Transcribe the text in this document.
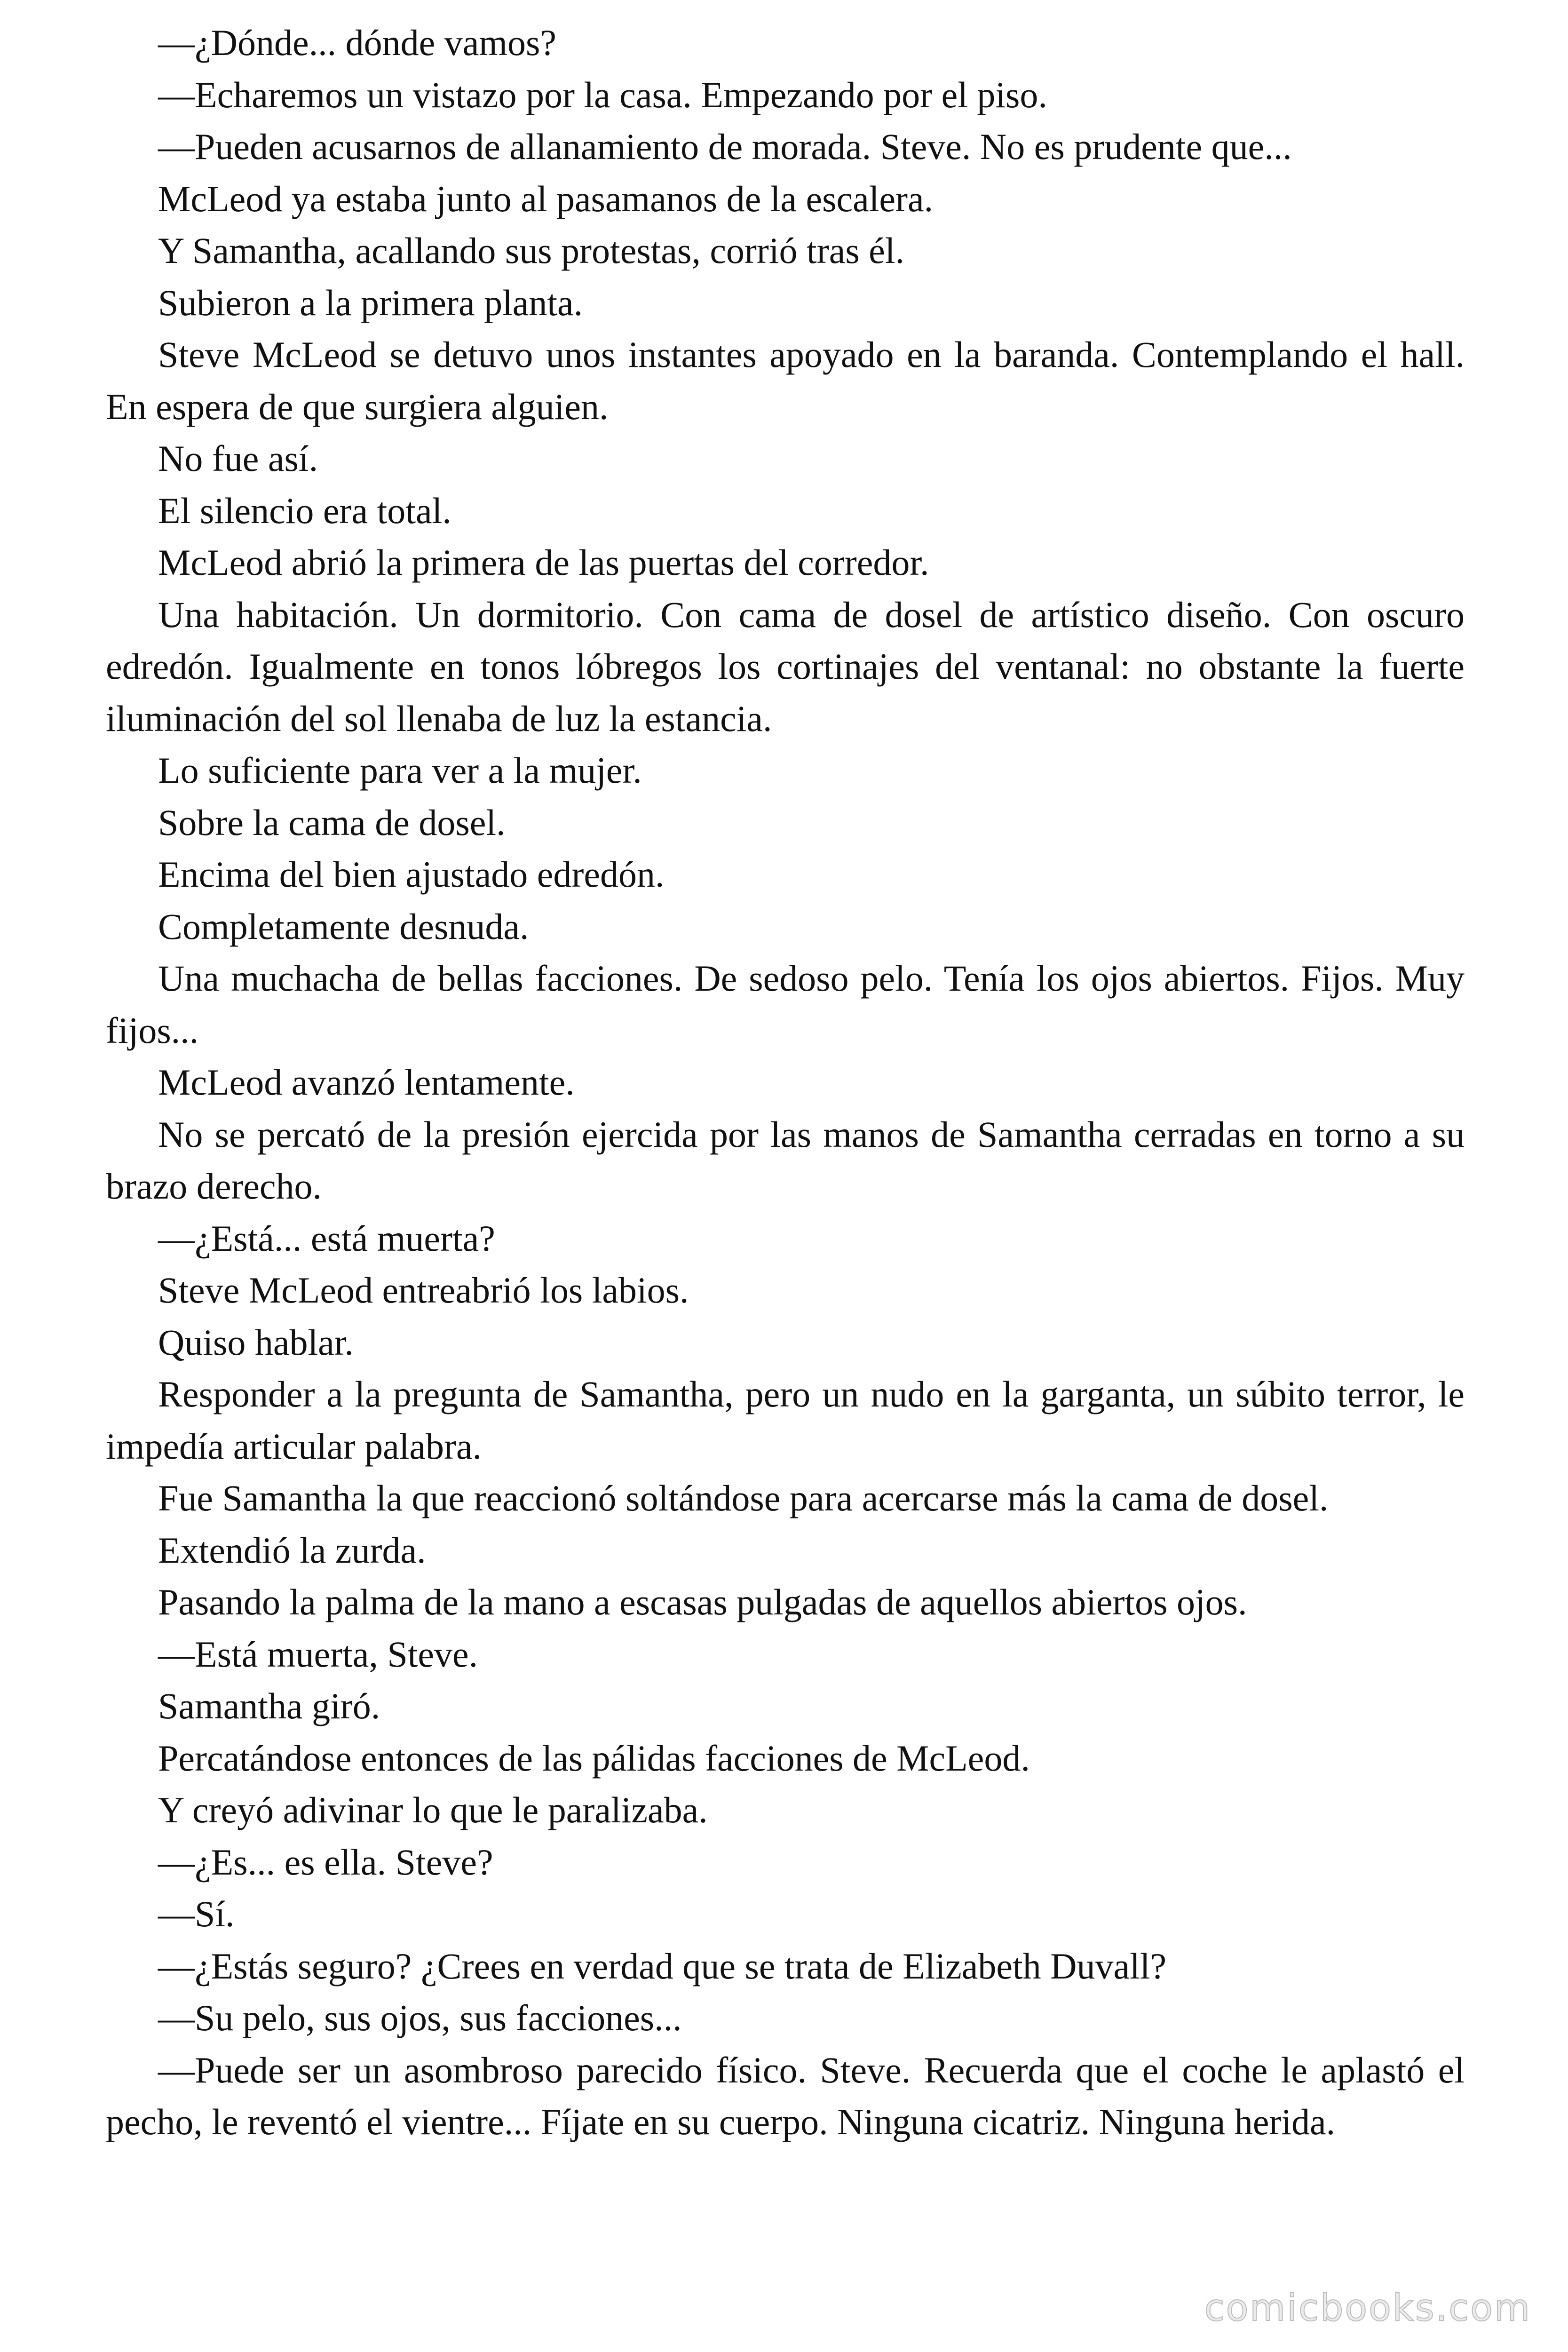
—¿Dónde... dónde vamos?

—Echaremos un vistazo por la casa. Empezando por el piso.

—Pueden acusarnos de allanamiento de morada. Steve. No es prudente que...

McLeod ya estaba junto al pasamanos de la escalera.

Y Samantha, acallando sus protestas, corrió tras él.

Subieron a la primera planta.

Steve McLeod se detuvo unos instantes apoyado en la baranda. Contemplando el hall. En espera de que surgiera alguien.

No fue así.

El silencio era total.

McLeod abrió la primera de las puertas del corredor.

Una habitación. Un dormitorio. Con cama de dosel de artístico diseño. Con oscuro edredón. Igualmente en tonos lóbregos los cortinajes del ventanal: no obstante la fuerte iluminación del sol llenaba de luz la estancia.

Lo suficiente para ver a la mujer.

Sobre la cama de dosel.

Encima del bien ajustado edredón.

Completamente desnuda.

Una muchacha de bellas facciones. De sedoso pelo. Tenía los ojos abiertos. Fijos. Muy fijos...

McLeod avanzó lentamente.

No se percató de la presión ejercida por las manos de Samantha cerradas en torno a su brazo derecho.

—¿Está... está muerta?

Steve McLeod entreabrió los labios.

Quiso hablar.

Responder a la pregunta de Samantha, pero un nudo en la garganta, un súbito terror, le impedía articular palabra.

Fue Samantha la que reaccionó soltándose para acercarse más la cama de dosel.

Extendió la zurda.

Pasando la palma de la mano a escasas pulgadas de aquellos abiertos ojos.

—Está muerta, Steve.

Samantha giró.

Percatándose entonces de las pálidas facciones de McLeod.

Y creyó adivinar lo que le paralizaba.

—¿Es... es ella. Steve?

—Sí.

—¿Estás seguro? ¿Crees en verdad que se trata de Elizabeth Duvall?

—Su pelo, sus ojos, sus facciones...

—Puede ser un asombroso parecido físico. Steve. Recuerda que el coche le aplastó el pecho, le reventó el vientre... Fíjate en su cuerpo. Ninguna cicatriz. Ninguna herida.

comicbooks.com
